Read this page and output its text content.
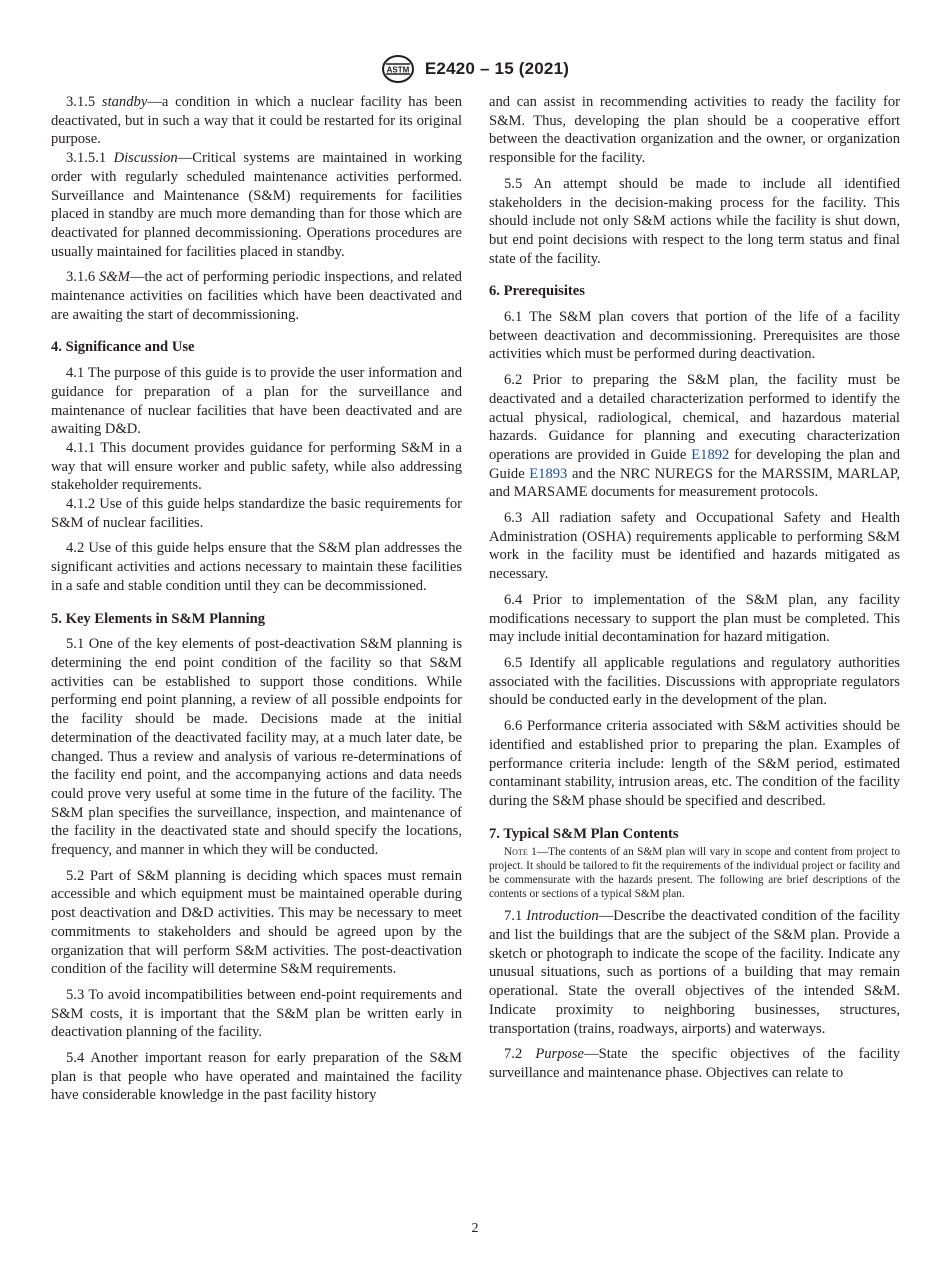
ASTM E2420 – 15 (2021)

3.1.5 standby—a condition in which a nuclear facility has been deactivated, but in such a way that it could be restarted for its original purpose.

3.1.5.1 Discussion—Critical systems are maintained in working order with regularly scheduled maintenance activities performed. Surveillance and Maintenance (S&M) requirements for facilities placed in standby are much more demanding than for those which are deactivated for planned decommissioning. Operations procedures are usually maintained for facilities placed in standby.

3.1.6 S&M—the act of performing periodic inspections, and related maintenance activities on facilities which have been deactivated and are awaiting the start of decommissioning.

4. Significance and Use

4.1 The purpose of this guide is to provide the user information and guidance for preparation of a plan for the surveillance and maintenance of nuclear facilities that have been deactivated and are awaiting D&D.

4.1.1 This document provides guidance for performing S&M in a way that will ensure worker and public safety, while also addressing stakeholder requirements.

4.1.2 Use of this guide helps standardize the basic requirements for S&M of nuclear facilities.

4.2 Use of this guide helps ensure that the S&M plan addresses the significant activities and actions necessary to maintain these facilities in a safe and stable condition until they can be decommissioned.

5. Key Elements in S&M Planning

5.1 One of the key elements of post-deactivation S&M planning is determining the end point condition of the facility so that S&M activities can be established to support those conditions. While performing end point planning, a review of all possible endpoints for the facility should be made. Decisions made at the initial determination of the deactivated facility may, at a much later date, be changed. Thus a review and analysis of various re-determinations of the facility end point, and the accompanying actions and data needs could prove very useful at some time in the future of the facility. The S&M plan specifies the surveillance, inspection, and maintenance of the facility in the deactivated state and should specify the locations, frequency, and manner in which they will be conducted.

5.2 Part of S&M planning is deciding which spaces must remain accessible and which equipment must be maintained operable during post deactivation and D&D activities. This may be necessary to meet commitments to stakeholders and should be agreed upon by the organization that will perform S&M activities. The post-deactivation condition of the facility will determine S&M requirements.

5.3 To avoid incompatibilities between end-point requirements and S&M costs, it is important that the S&M plan be written early in deactivation planning of the facility.

5.4 Another important reason for early preparation of the S&M plan is that people who have operated and maintained the facility have considerable knowledge in the past facility history

and can assist in recommending activities to ready the facility for S&M. Thus, developing the plan should be a cooperative effort between the deactivation organization and the owner, or organization responsible for the facility.

5.5 An attempt should be made to include all identified stakeholders in the decision-making process for the facility. This should include not only S&M actions while the facility is shut down, but end point decisions with respect to the long term status and final state of the facility.

6. Prerequisites

6.1 The S&M plan covers that portion of the life of a facility between deactivation and decommissioning. Prerequisites are those activities which must be performed during deactivation.

6.2 Prior to preparing the S&M plan, the facility must be deactivated and a detailed characterization performed to identify the actual physical, radiological, chemical, and hazardous material hazards. Guidance for planning and executing characterization operations are provided in Guide E1892 for developing the plan and Guide E1893 and the NRC NUREGS for the MARSSIM, MARLAP, and MARSAME documents for measurement protocols.

6.3 All radiation safety and Occupational Safety and Health Administration (OSHA) requirements applicable to performing S&M work in the facility must be identified and hazards mitigated as necessary.

6.4 Prior to implementation of the S&M plan, any facility modifications necessary to support the plan must be completed. This may include initial decontamination for hazard mitigation.

6.5 Identify all applicable regulations and regulatory authorities associated with the facilities. Discussions with appropriate regulators should be conducted early in the development of the plan.

6.6 Performance criteria associated with S&M activities should be identified and established prior to preparing the plan. Examples of performance criteria include: length of the S&M period, estimated contaminant stability, intrusion areas, etc. The condition of the facility during the S&M phase should be specified and described.

7. Typical S&M Plan Contents

Note 1—The contents of an S&M plan will vary in scope and content from project to project. It should be tailored to fit the requirements of the individual project or facility and be commensurate with the hazards present. The following are brief descriptions of the contents or sections of a typical S&M plan.

7.1 Introduction—Describe the deactivated condition of the facility and list the buildings that are the subject of the S&M plan. Provide a sketch or photograph to indicate the scope of the facility. Indicate any unusual situations, such as portions of a building that may remain operational. State the overall objectives of the intended S&M. Indicate proximity to neighboring businesses, structures, transportation (trains, roadways, airports) and waterways.

7.2 Purpose—State the specific objectives of the facility surveillance and maintenance phase. Objectives can relate to

2
